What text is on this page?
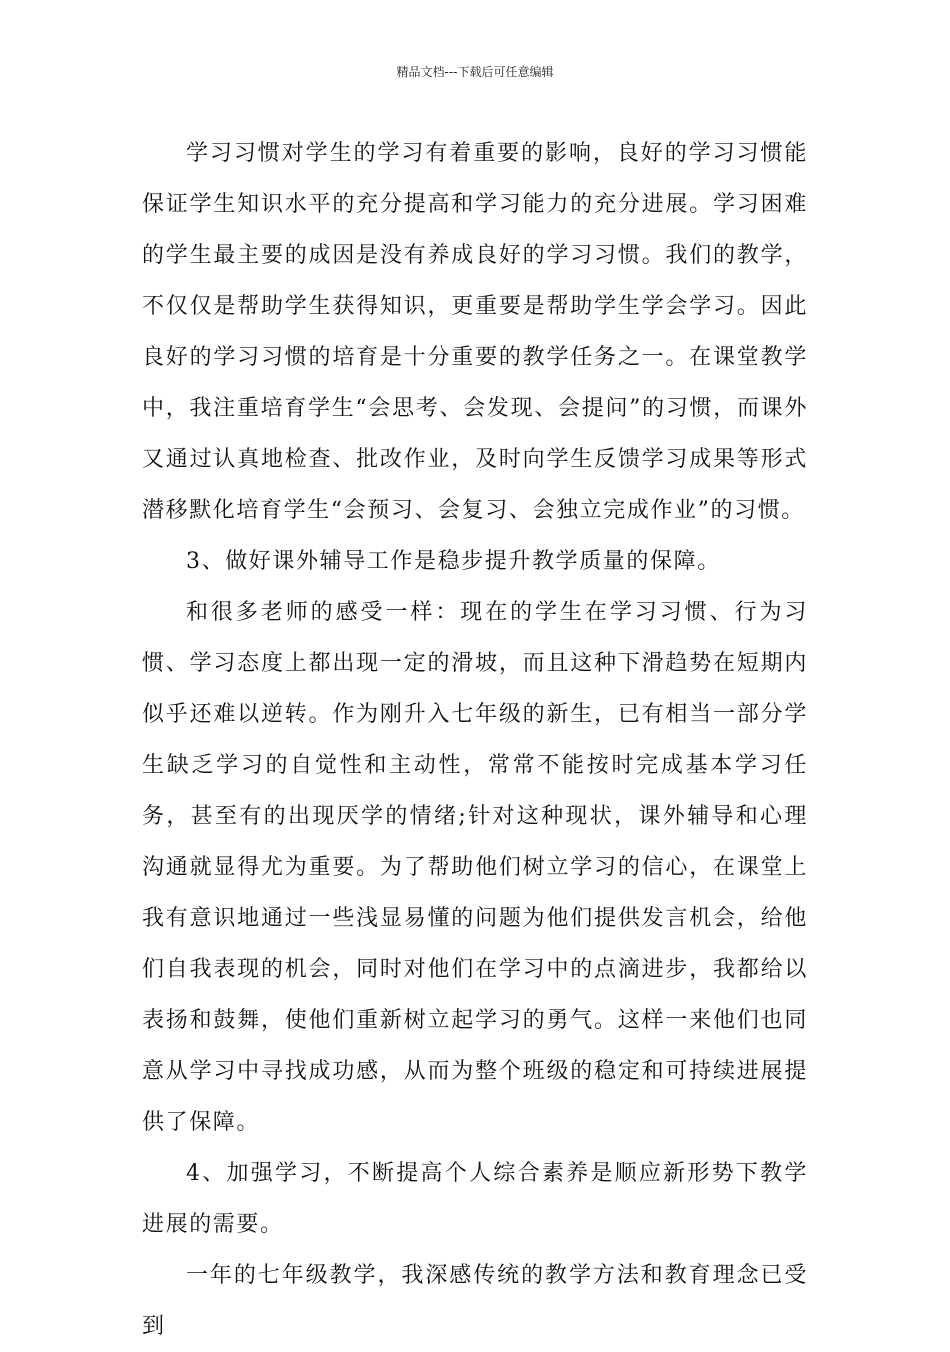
精品文档---下载后可任意编辑

学习习惯对学生的学习有着重要的影响，良好的学习习惯能保证学生知识水平的充分提高和学习能力的充分进展。学习困难的学生最主要的成因是没有养成良好的学习习惯。我们的教学，不仅仅是帮助学生获得知识，更重要是帮助学生学会学习。因此良好的学习习惯的培育是十分重要的教学任务之一。在课堂教学中，我注重培育学生“会思考、会发现、会提问”的习惯，而课外又通过认真地检查、批改作业，及时向学生反馈学习成果等形式潜移默化培育学生“会预习、会复习、会独立完成作业”的习惯。

3、做好课外辅导工作是稳步提升教学质量的保障。

和很多老师的感受一样：现在的学生在学习习惯、行为习惯、学习态度上都出现一定的滑坡，而且这种下滑趋势在短期内似乎还难以逆转。作为刚升入七年级的新生，已有相当一部分学生缺乏学习的自觉性和主动性，常常不能按时完成基本学习任务，甚至有的出现厌学的情绪;针对这种现状，课外辅导和心理沟通就显得尤为重要。为了帮助他们树立学习的信心，在课堂上我有意识地通过一些浅显易懂的问题为他们提供发言机会，给他们自我表现的机会，同时对他们在学习中的点滴进步，我都给以表扬和鼓舞，使他们重新树立起学习的勇气。这样一来他们也同意从学习中寻找成功感，从而为整个班级的稳定和可持续进展提供了保障。

4、加强学习，不断提高个人综合素养是顺应新形势下教学进展的需要。

一年的七年级教学，我深感传统的教学方法和教育理念已受到
